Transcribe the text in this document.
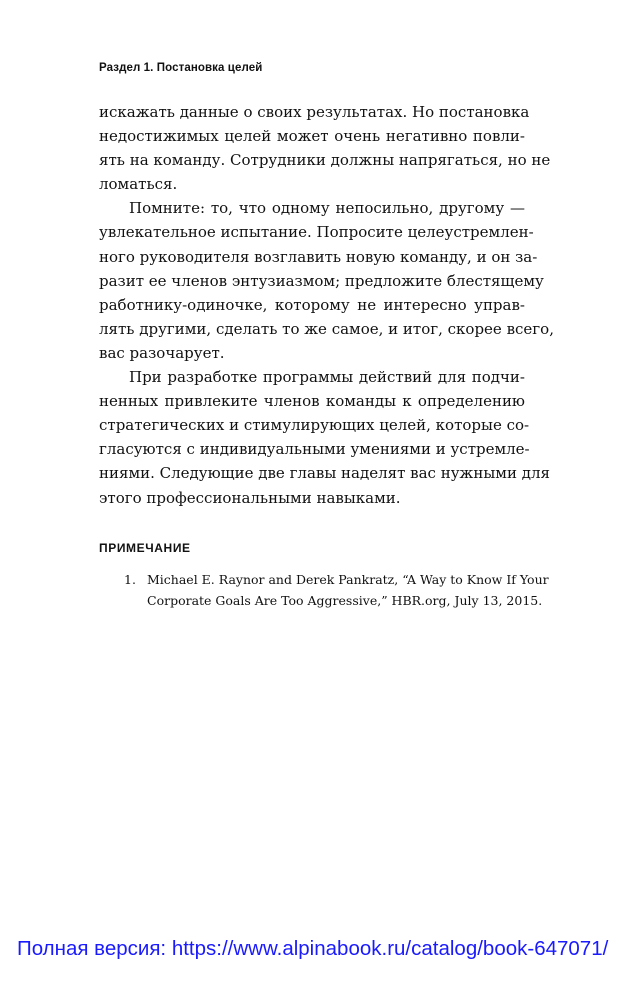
Раздел 1. Постановка целей
искажать данные о своих результатах. Но постановка
недостижимых целей может очень негативно повли-
ять на команду. Сотрудники должны напрягаться, но не
ломаться.
Помните: то, что одному непосильно, другому —
увлекательное испытание. Попросите целеустремлен-
ного руководителя возглавить новую команду, и он за-
разит ее членов энтузиазмом; предложите блестящему
работнику-одиночке, которому не интересно управ-
лять другими, сделать то же самое, и итог, скорее всего,
вас разочарует.
При разработке программы действий для подчи-
ненных привлеките членов команды к определению
стратегических и стимулирующих целей, которые со-
гласуются с индивидуальными умениями и устремле-
ниями. Следующие две главы наделят вас нужными для
этого профессиональными навыками.
ПРИМЕЧАНИЕ
1. Michael E. Raynor and Derek Pankratz, “A Way to Know If Your
Corporate Goals Are Too Aggressive,” HBR.org, July 13, 2015.
Полная версия: https://www.alpinabook.ru/catalog/book-647071/
